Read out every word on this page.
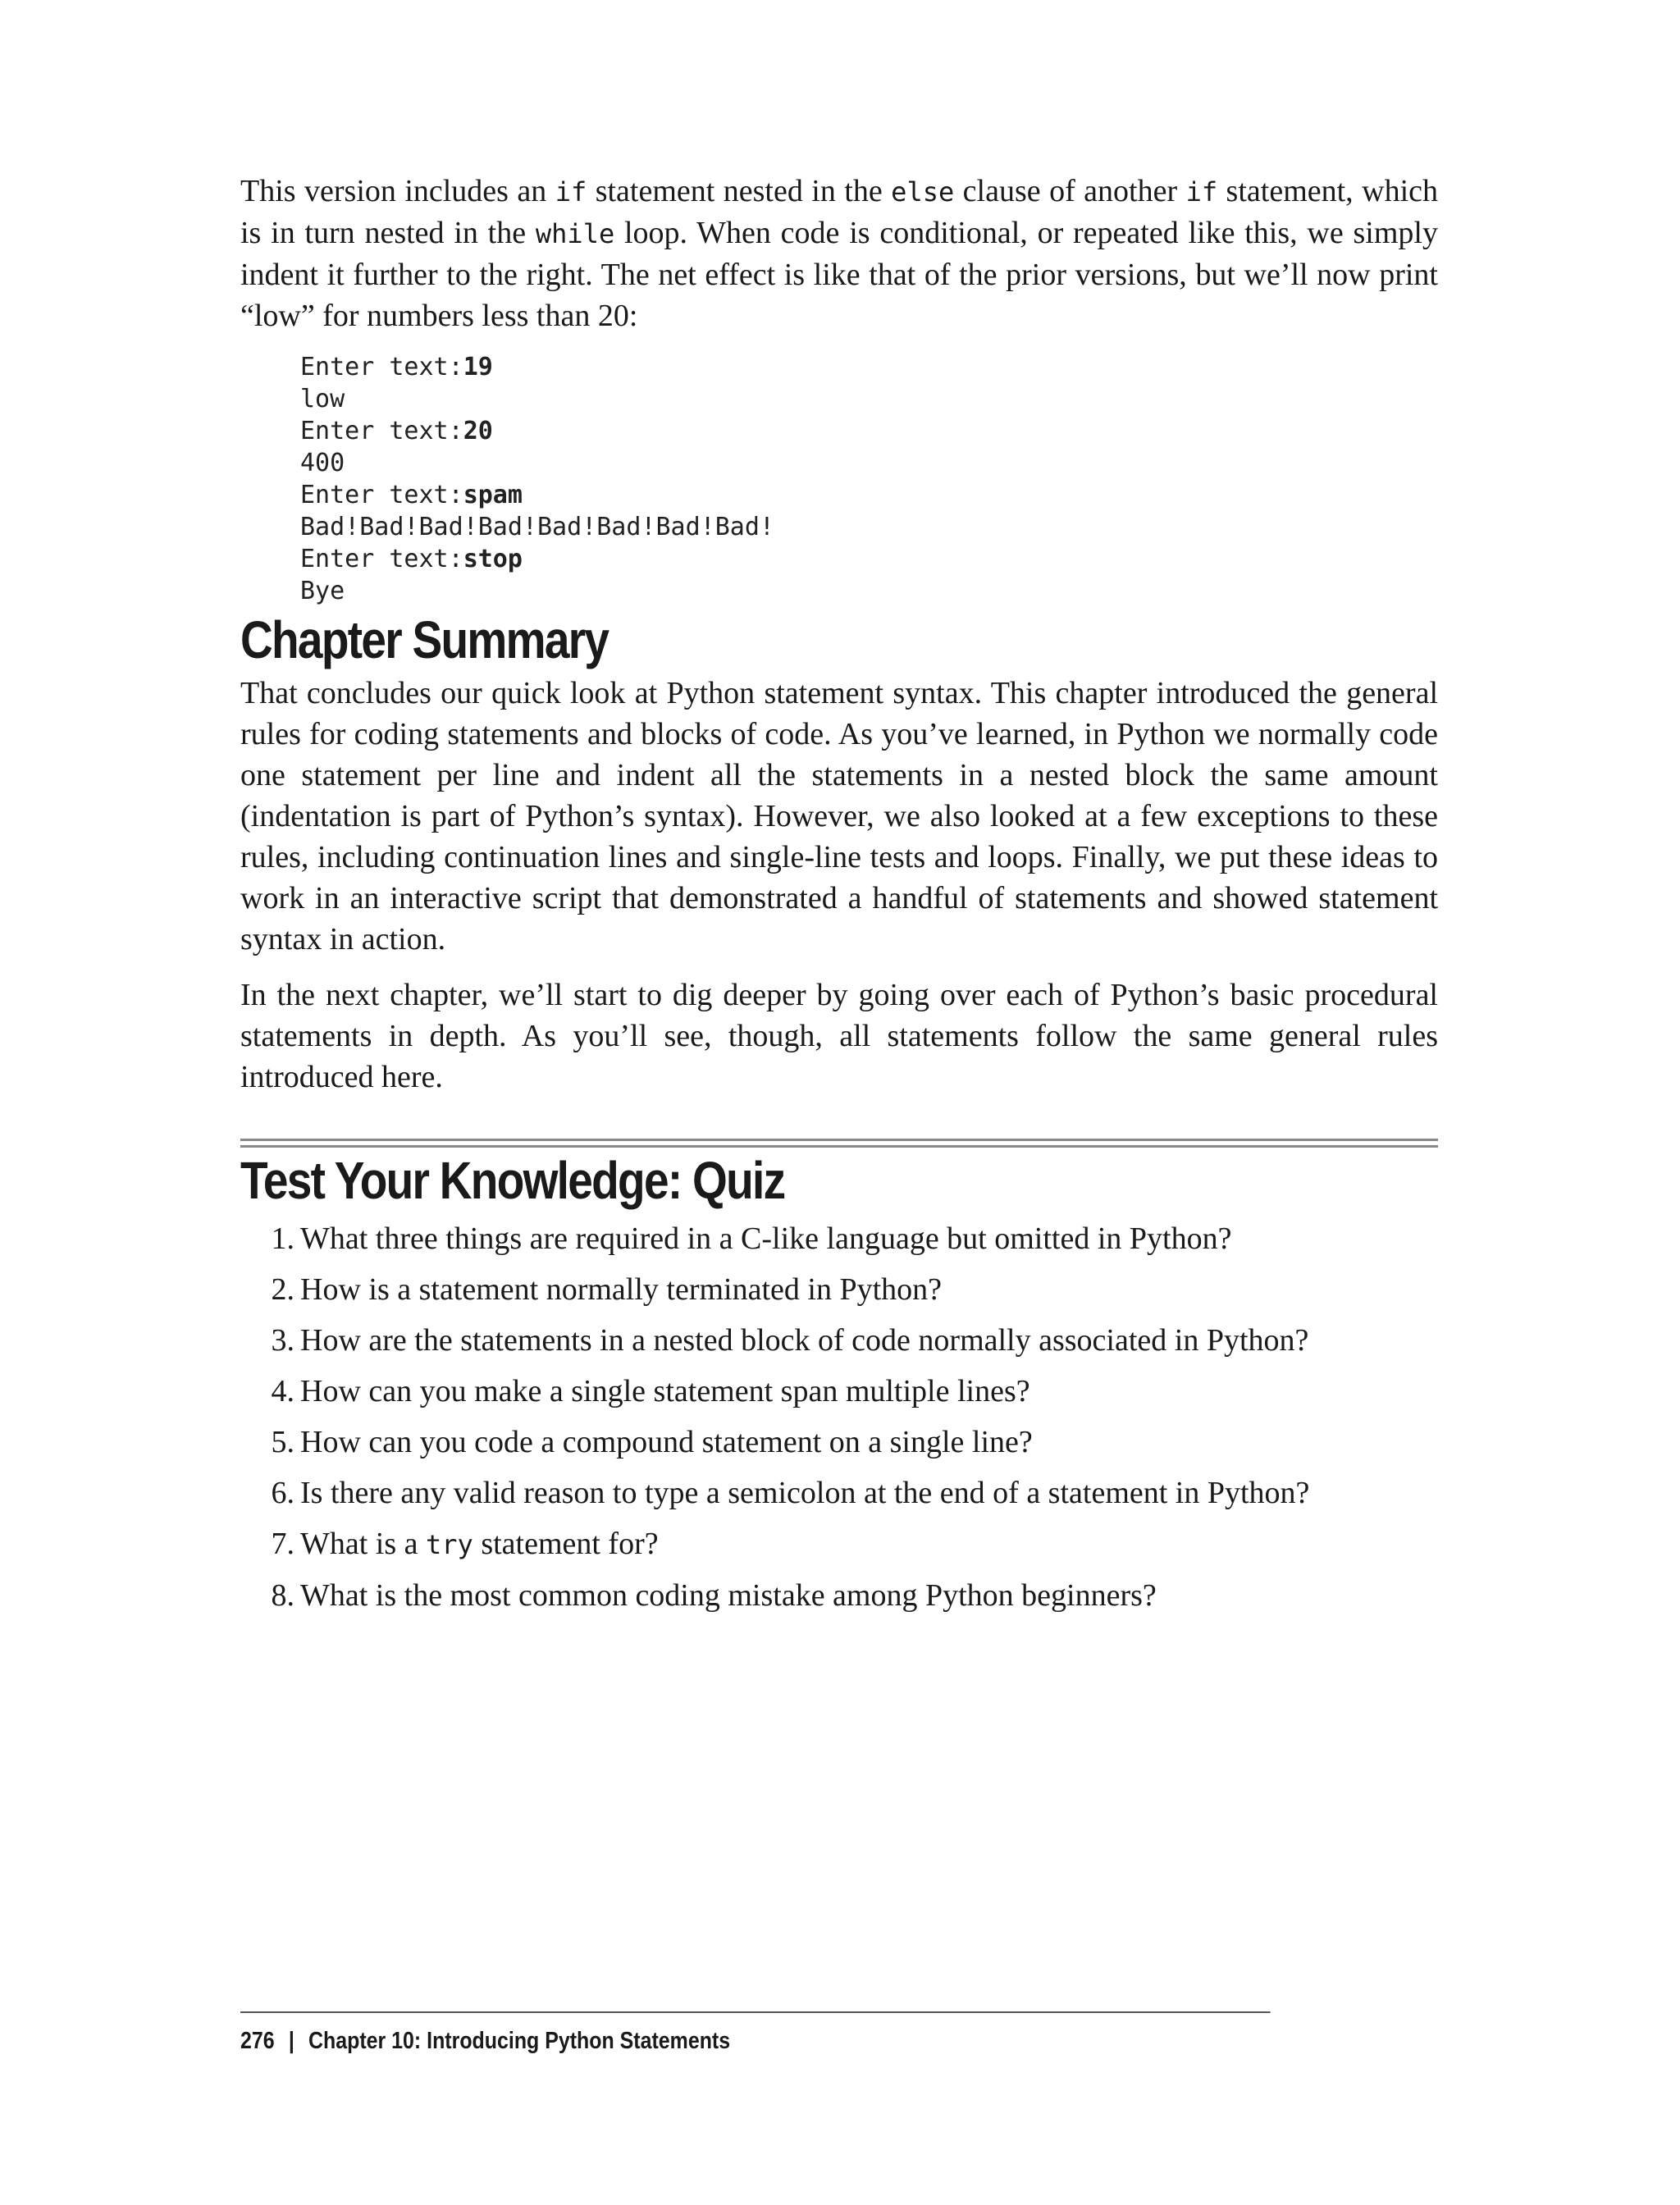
This version includes an if statement nested in the else clause of another if statement, which is in turn nested in the while loop. When code is conditional, or repeated like this, we simply indent it further to the right. The net effect is like that of the prior versions, but we’ll now print “low” for numbers less than 20:

Enter text:19
low
Enter text:20
400
Enter text:spam
Bad!Bad!Bad!Bad!Bad!Bad!Bad!Bad!
Enter text:stop
Bye
Chapter Summary

That concludes our quick look at Python statement syntax. This chapter introduced the general rules for coding statements and blocks of code. As you’ve learned, in Python we normally code one statement per line and indent all the statements in a nested block the same amount (indentation is part of Python’s syntax). However, we also looked at a few exceptions to these rules, including continuation lines and single-line tests and loops. Finally, we put these ideas to work in an interactive script that demonstrated a handful of statements and showed statement syntax in action.

In the next chapter, we’ll start to dig deeper by going over each of Python’s basic procedural statements in depth. As you’ll see, though, all statements follow the same general rules introduced here.

Test Your Knowledge: Quiz
1. What three things are required in a C-like language but omitted in Python?
2. How is a statement normally terminated in Python?
3. How are the statements in a nested block of code normally associated in Python?
4. How can you make a single statement span multiple lines?
5. How can you code a compound statement on a single line?
6. Is there any valid reason to type a semicolon at the end of a statement in Python?
7. What is a try statement for?
8. What is the most common coding mistake among Python beginners?
276 | Chapter 10: Introducing Python Statements
